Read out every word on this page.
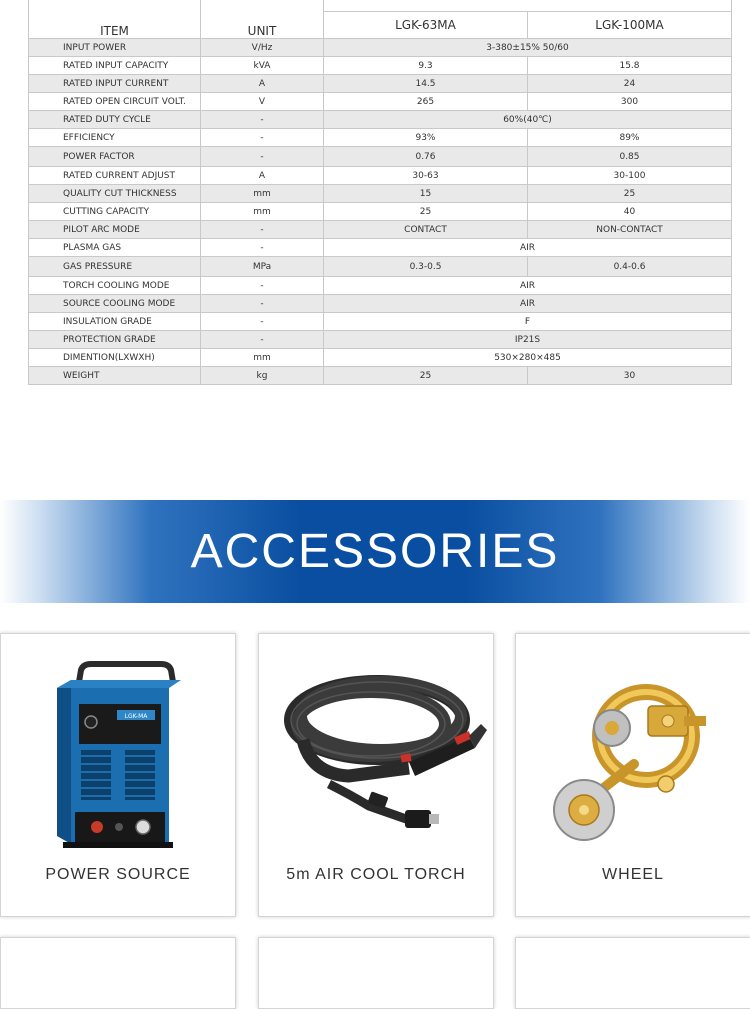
ITEM	UNIT		
		LGK-63MA	LGK-100MA
INPUT POWER	V/Hz	3-380±15% 50/60	
RATED INPUT CAPACITY	kVA	9.3	15.8
RATED INPUT CURRENT	A	14.5	24
RATED OPEN CIRCUIT VOLT.	V	265	300
RATED DUTY CYCLE	-	60%(40℃)	
EFFICIENCY	-	93%	89%
POWER FACTOR	-	0.76	0.85
RATED CURRENT ADJUST	A	30-63	30-100
QUALITY CUT THICKNESS	mm	15	25
CUTTING CAPACITY	mm	25	40
PILOT ARC MODE	-	CONTACT	NON-CONTACT
PLASMA GAS	-	AIR	
GAS PRESSURE	MPa	0.3-0.5	0.4-0.6
TORCH COOLING MODE	-	AIR	
SOURCE COOLING MODE	-	AIR	
INSULATION GRADE	-	F	
PROTECTION GRADE	-	IP21S	
DIMENTION(LXWXH)	mm	530×280×485	
WEIGHT	kg	25	30
ACCESSORIES
LGK-MA
POWER SOURCE	5m AIR COOL TORCH	WHEEL
